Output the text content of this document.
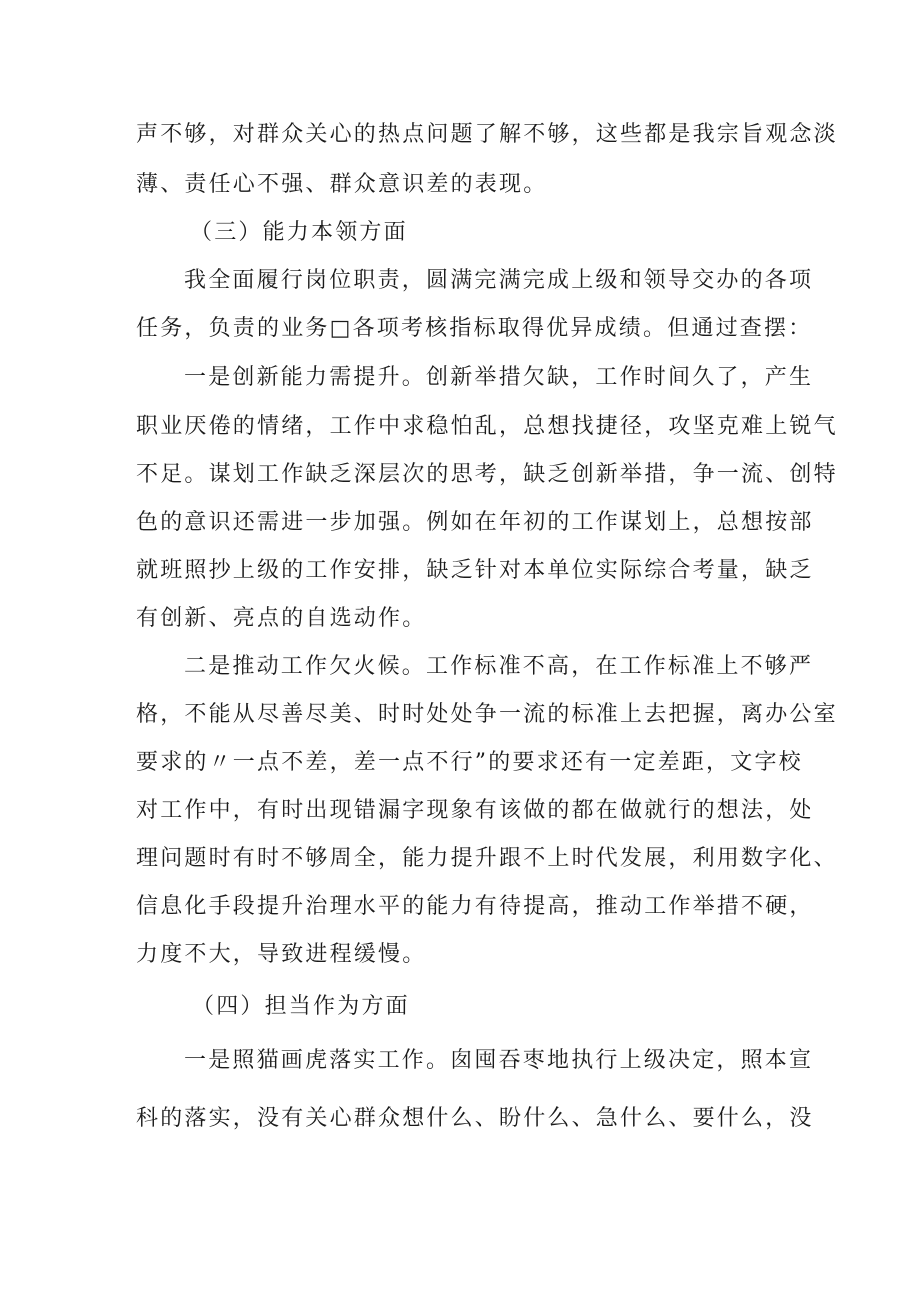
声不够，对群众关心的热点问题了解不够，这些都是我宗旨观念淡
薄、责任心不强、群众意识差的表现。
（三）能力本领方面
我全面履行岗位职责，圆满完满完成上级和领导交办的各项
任务，负责的业务□各项考核指标取得优异成绩。但通过查摆：
一是创新能力需提升。创新举措欠缺，工作时间久了，产生
职业厌倦的情绪，工作中求稳怕乱，总想找捷径，攻坚克难上锐气
不足。谋划工作缺乏深层次的思考，缺乏创新举措，争一流、创特
色的意识还需进一步加强。例如在年初的工作谋划上，总想按部
就班照抄上级的工作安排，缺乏针对本单位实际综合考量，缺乏
有创新、亮点的自选动作。
二是推动工作欠火候。工作标准不高，在工作标准上不够严
格，不能从尽善尽美、时时处处争一流的标准上去把握，离办公室
要求的〃一点不差，差一点不行”的要求还有一定差距，文字校
对工作中，有时出现错漏字现象有该做的都在做就行的想法，处
理问题时有时不够周全，能力提升跟不上时代发展，利用数字化、
信息化手段提升治理水平的能力有待提高，推动工作举措不硬，
力度不大，导致进程缓慢。
（四）担当作为方面
一是照猫画虎落实工作。囱囤吞枣地执行上级决定，照本宣
科的落实，没有关心群众想什么、盼什么、急什么、要什么，没
